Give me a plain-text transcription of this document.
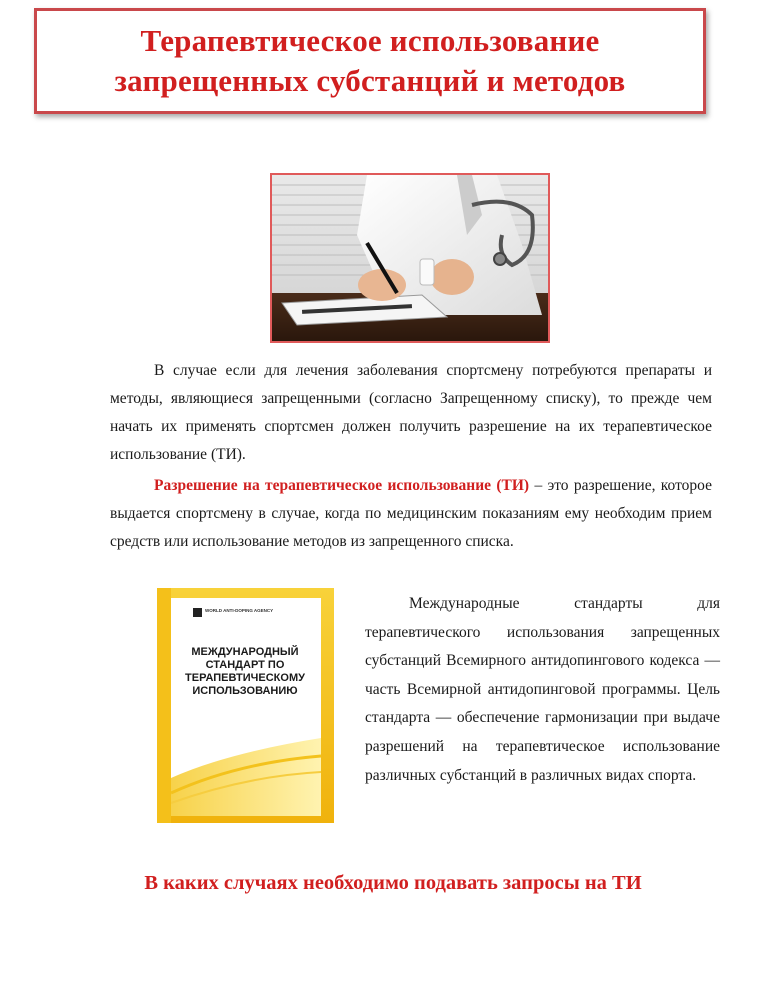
Терапевтическое использование
запрещенных субстанций и методов

В случае если для лечения заболевания спортсмену потребуются препараты и методы, являющиеся запрещенными (согласно Запрещенному списку), то прежде чем начать их применять спортсмен должен получить разрешение на их терапевтическое использование (ТИ).

Разрешение на терапевтическое использование (ТИ) – это разрешение, которое выдается спортсмену в случае, когда по медицинским показаниям ему необходим прием средств или использование методов из запрещенного списка.

WORLD ANTI-DOPING AGENCY
МЕЖДУНАРОДНЫЙ СТАНДАРТ ПО ТЕРАПЕВТИЧЕСКОМУ ИСПОЛЬЗОВАНИЮ

Международные стандарты для терапевтического использования запрещенных субстанций Всемирного антидопингового кодекса — часть Всемирной антидопинговой программы. Цель стандарта — обеспечение гармонизации при выдаче разрешений на терапевтическое использование различных субстанций в различных видах спорта.

В каких случаях необходимо подавать запросы на ТИ
